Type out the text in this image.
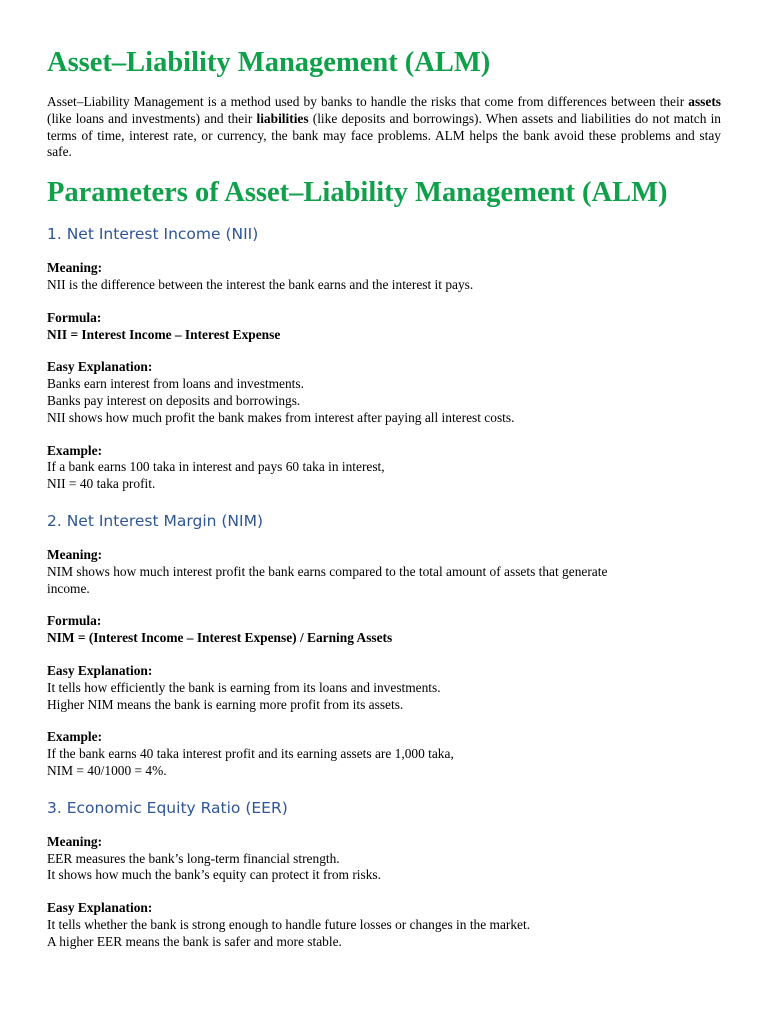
Asset–Liability Management (ALM)

Asset–Liability Management is a method used by banks to handle the risks that come from differences between their assets (like loans and investments) and their liabilities (like deposits and borrowings). When assets and liabilities do not match in terms of time, interest rate, or currency, the bank may face problems. ALM helps the bank avoid these problems and stay safe.

Parameters of Asset–Liability Management (ALM)
1. Net Interest Income (NII)
Meaning:
NII is the difference between the interest the bank earns and the interest it pays.
Formula:
NII = Interest Income – Interest Expense
Easy Explanation:
Banks earn interest from loans and investments.
Banks pay interest on deposits and borrowings.
NII shows how much profit the bank makes from interest after paying all interest costs.
Example:
If a bank earns 100 taka in interest and pays 60 taka in interest,
NII = 40 taka profit.
2. Net Interest Margin (NIM)
Meaning:
NIM shows how much interest profit the bank earns compared to the total amount of assets that generate
income.
Formula:
NIM = (Interest Income – Interest Expense) / Earning Assets
Easy Explanation:
It tells how efficiently the bank is earning from its loans and investments.
Higher NIM means the bank is earning more profit from its assets.
Example:
If the bank earns 40 taka interest profit and its earning assets are 1,000 taka,
NIM = 40/1000 = 4%.
3. Economic Equity Ratio (EER)
Meaning:
EER measures the bank’s long-term financial strength.
It shows how much the bank’s equity can protect it from risks.
Easy Explanation:
It tells whether the bank is strong enough to handle future losses or changes in the market.
A higher EER means the bank is safer and more stable.
